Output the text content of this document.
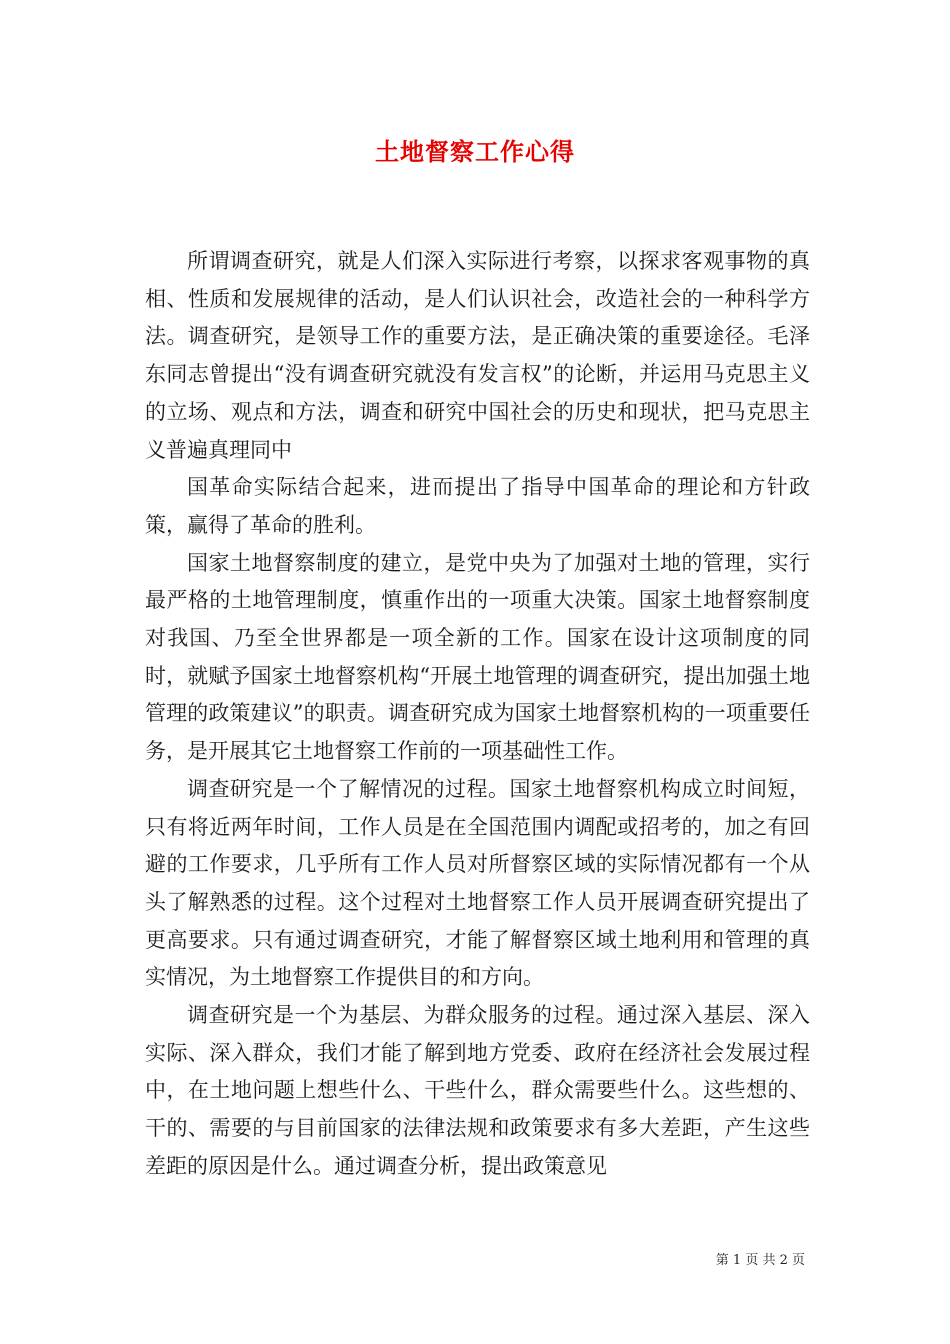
土地督察工作心得

所谓调查研究，就是人们深入实际进行考察，以探求客观事物的真相、性质和发展规律的活动，是人们认识社会，改造社会的一种科学方法。调查研究，是领导工作的重要方法，是正确决策的重要途径。毛泽东同志曾提出“没有调查研究就没有发言权”的论断，并运用马克思主义的立场、观点和方法，调查和研究中国社会的历史和现状，把马克思主义普遍真理同中

国革命实际结合起来，进而提出了指导中国革命的理论和方针政策，赢得了革命的胜利。

国家土地督察制度的建立，是党中央为了加强对土地的管理，实行最严格的土地管理制度，慎重作出的一项重大决策。国家土地督察制度对我国、乃至全世界都是一项全新的工作。国家在设计这项制度的同时，就赋予国家土地督察机构“开展土地管理的调查研究，提出加强土地管理的政策建议”的职责。调查研究成为国家土地督察机构的一项重要任务，是开展其它土地督察工作前的一项基础性工作。

调查研究是一个了解情况的过程。国家土地督察机构成立时间短，只有将近两年时间，工作人员是在全国范围内调配或招考的，加之有回避的工作要求，几乎所有工作人员对所督察区域的实际情况都有一个从头了解熟悉的过程。这个过程对土地督察工作人员开展调查研究提出了更高要求。只有通过调查研究，才能了解督察区域土地利用和管理的真实情况，为土地督察工作提供目的和方向。

调查研究是一个为基层、为群众服务的过程。通过深入基层、深入实际、深入群众，我们才能了解到地方党委、政府在经济社会发展过程中，在土地问题上想些什么、干些什么，群众需要些什么。这些想的、干的、需要的与目前国家的法律法规和政策要求有多大差距，产生这些差距的原因是什么。通过调查分析，提出政策意见

第 1 页 共 2 页
